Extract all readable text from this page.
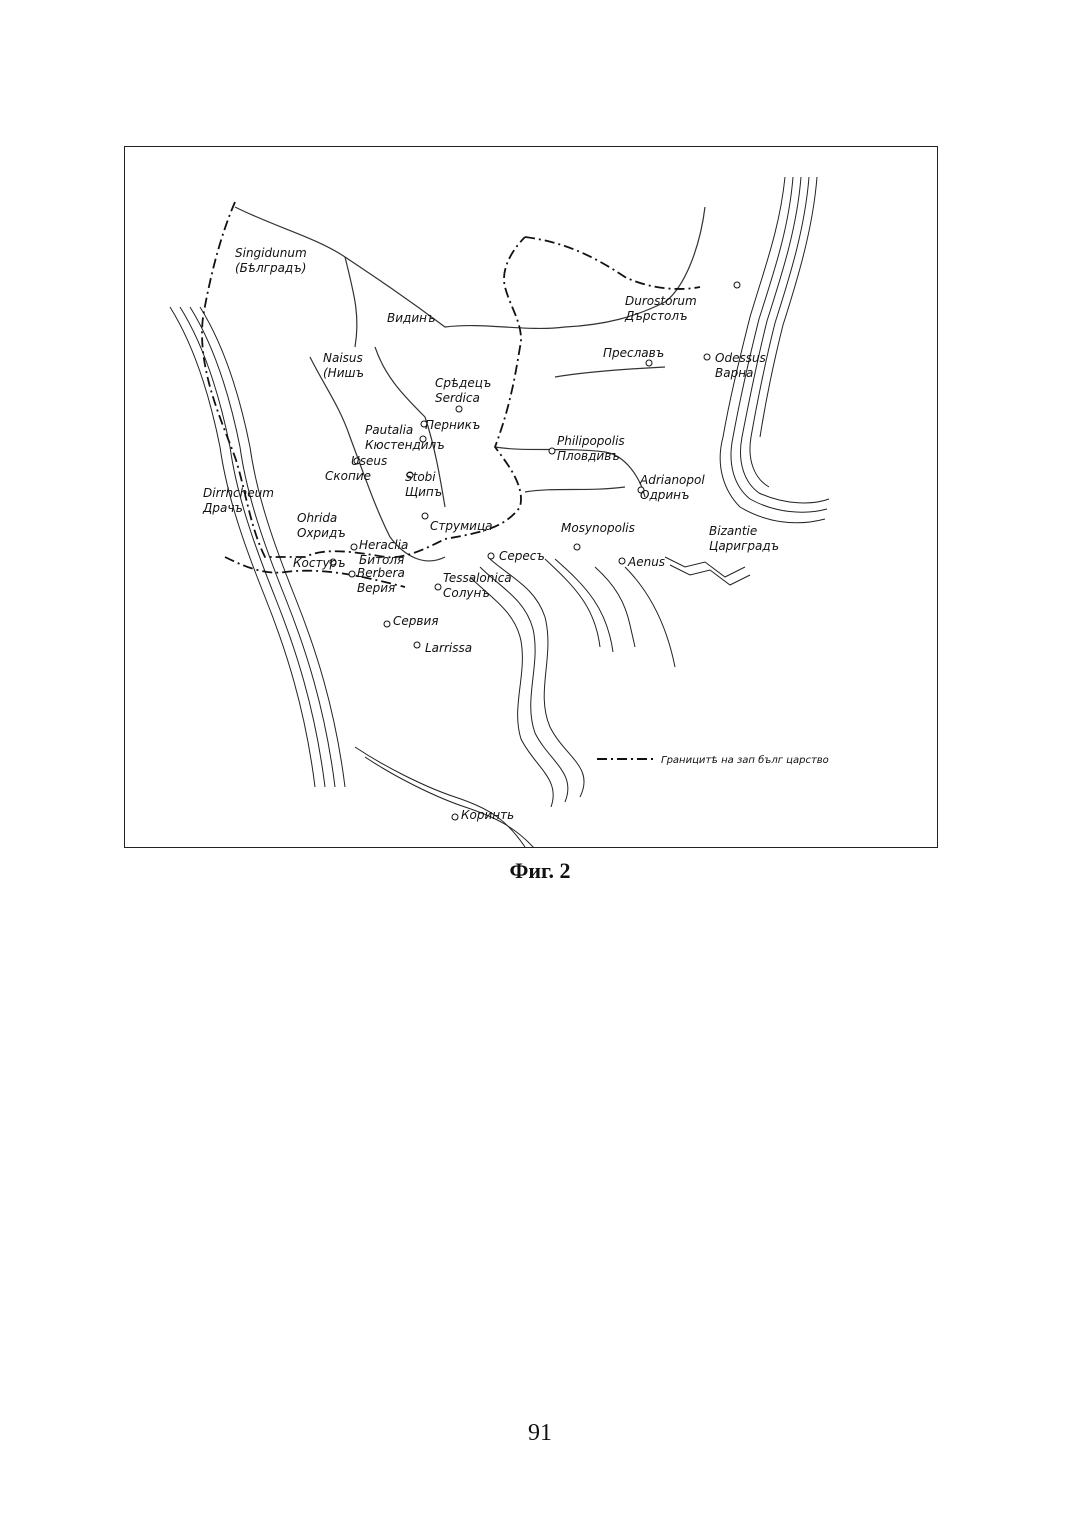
Границитѣ на зап бълг царство
Singidunum
(Бѣлградъ)
Видинъ
Durostorum
Дърстолъ
Преславъ	Odessus
Варна
Naisus
(Нишъ
Срѣдецъ
Serdica
Перникъ
Pautalia
Кюстендилъ	Philipopolis
Пловдивъ
Useus
Скопие	Stobi
Щипъ
Adrianopol
Одринъ
Dirrhcheum
Драчъ
Ohrida
Охридъ
Костуръ
Heraclia
Битоля
Berbera
Верия
Струмица	Mosynopolis	Bizantie
Цариградъ
Сересъ	Aenus
Tessalonica
Солунъ
Сервия
Larrissa
Коринть
Фиг. 2
91
